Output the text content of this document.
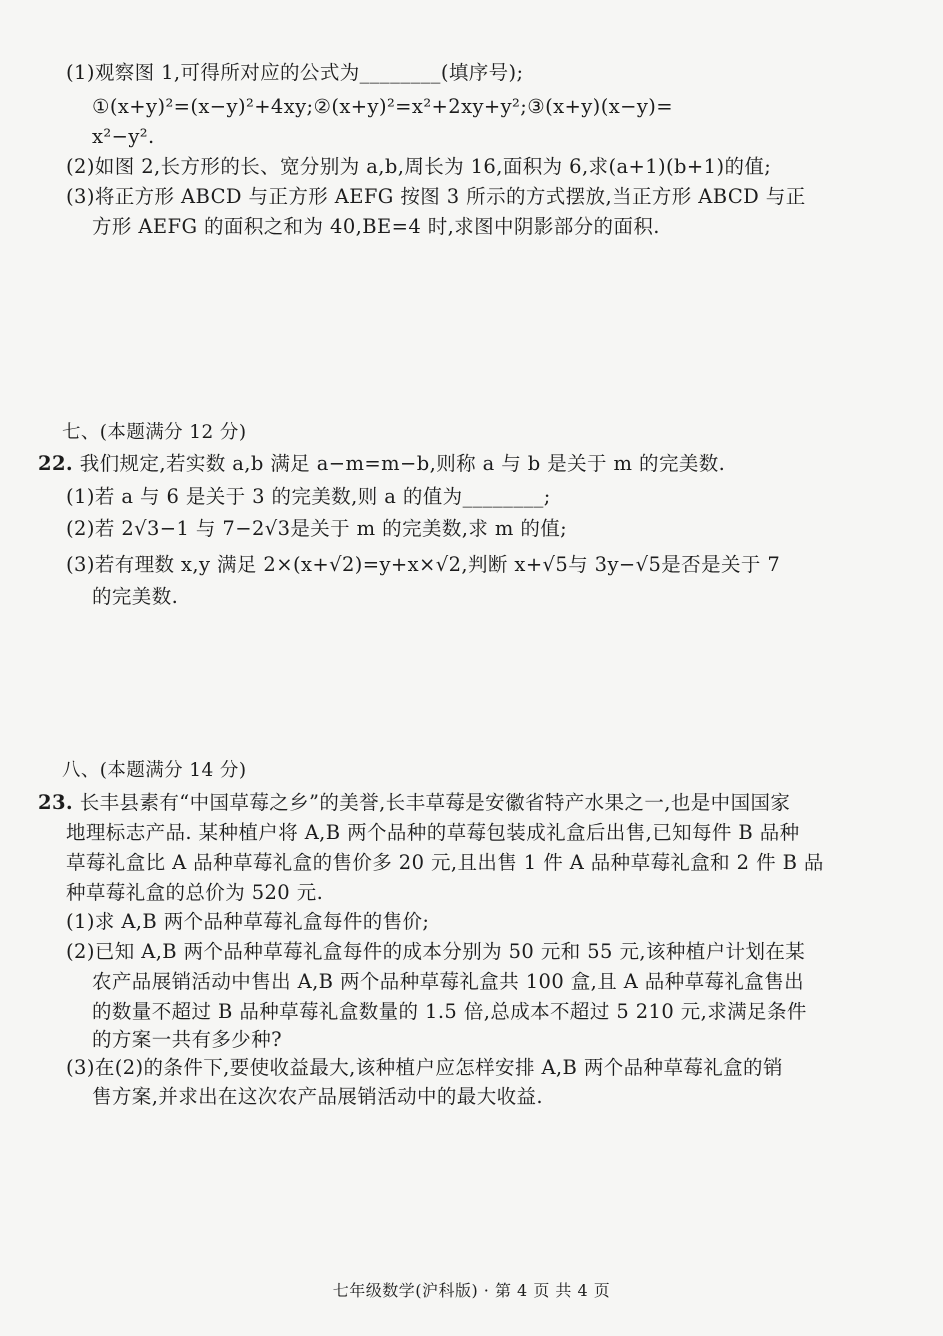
(1)观察图 1,可得所对应的公式为________(填序号);
①(x+y)²=(x−y)²+4xy;②(x+y)²=x²+2xy+y²;③(x+y)(x−y)=
x²−y².
(2)如图 2,长方形的长、宽分别为 a,b,周长为 16,面积为 6,求(a+1)(b+1)的值;
(3)将正方形 ABCD 与正方形 AEFG 按图 3 所示的方式摆放,当正方形 ABCD 与正
方形 AEFG 的面积之和为 40,BE=4 时,求图中阴影部分的面积.
七、(本题满分 12 分)
22. 我们规定,若实数 a,b 满足 a−m=m−b,则称 a 与 b 是关于 m 的完美数.
(1)若 a 与 6 是关于 3 的完美数,则 a 的值为________;
(2)若 2√3−1 与 7−2√3是关于 m 的完美数,求 m 的值;
(3)若有理数 x,y 满足 2×(x+√2)=y+x×√2,判断 x+√5与 3y−√5是否是关于 7
的完美数.
八、(本题满分 14 分)
23. 长丰县素有“中国草莓之乡”的美誉,长丰草莓是安徽省特产水果之一,也是中国国家
地理标志产品. 某种植户将 A,B 两个品种的草莓包装成礼盒后出售,已知每件 B 品种
草莓礼盒比 A 品种草莓礼盒的售价多 20 元,且出售 1 件 A 品种草莓礼盒和 2 件 B 品
种草莓礼盒的总价为 520 元.
(1)求 A,B 两个品种草莓礼盒每件的售价;
(2)已知 A,B 两个品种草莓礼盒每件的成本分别为 50 元和 55 元,该种植户计划在某
农产品展销活动中售出 A,B 两个品种草莓礼盒共 100 盒,且 A 品种草莓礼盒售出
的数量不超过 B 品种草莓礼盒数量的 1.5 倍,总成本不超过 5 210 元,求满足条件
的方案一共有多少种?
(3)在(2)的条件下,要使收益最大,该种植户应怎样安排 A,B 两个品种草莓礼盒的销
售方案,并求出在这次农产品展销活动中的最大收益.
七年级数学(沪科版) · 第 4 页 共 4 页
